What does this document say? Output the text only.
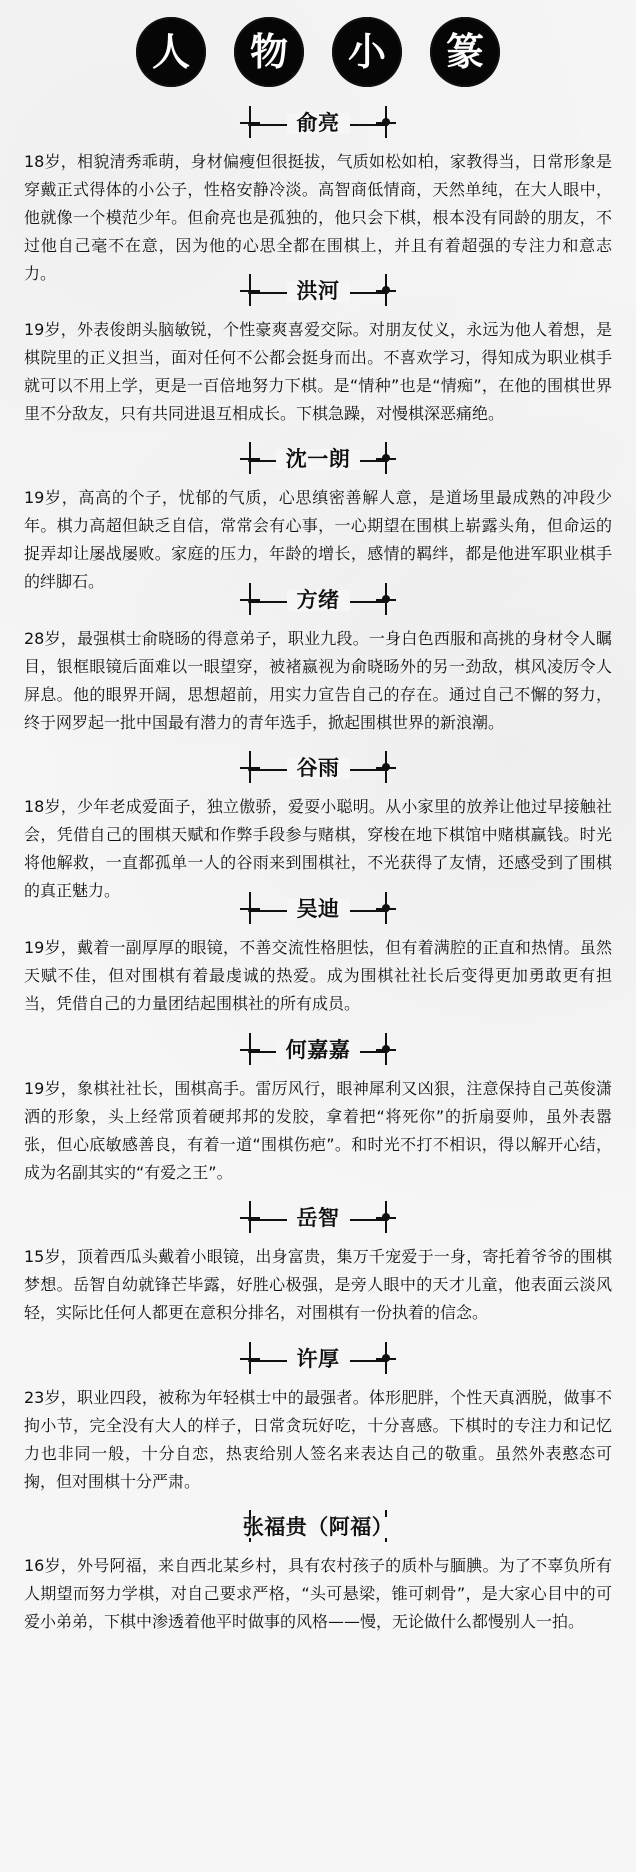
人	物	小	篆
俞亮
18岁，相貌清秀乖萌，身材偏瘦但很挺拔，气质如松如柏，家教得当，日常形象是穿戴正式得体的小公子，性格安静冷淡。高智商低情商，天然单纯，在大人眼中，他就像一个模范少年。但俞亮也是孤独的，他只会下棋，根本没有同龄的朋友，不过他自己毫不在意，因为他的心思全都在围棋上，并且有着超强的专注力和意志力。
洪河
19岁，外表俊朗头脑敏锐，个性豪爽喜爱交际。对朋友仗义，永远为他人着想，是棋院里的正义担当，面对任何不公都会挺身而出。不喜欢学习，得知成为职业棋手就可以不用上学，更是一百倍地努力下棋。是“情种”也是“情痴”，在他的围棋世界里不分敌友，只有共同进退互相成长。下棋急躁，对慢棋深恶痛绝。
沈一朗
19岁，高高的个子，忧郁的气质，心思缜密善解人意，是道场里最成熟的冲段少年。棋力高超但缺乏自信，常常会有心事，一心期望在围棋上崭露头角，但命运的捉弄却让屡战屡败。家庭的压力，年龄的增长，感情的羁绊，都是他进军职业棋手的绊脚石。
方绪
28岁，最强棋士俞晓旸的得意弟子，职业九段。一身白色西服和高挑的身材令人瞩目，银框眼镜后面难以一眼望穿，被褚嬴视为俞晓旸外的另一劲敌，棋风凌厉令人屏息。他的眼界开阔，思想超前，用实力宣告自己的存在。通过自己不懈的努力，终于网罗起一批中国最有潜力的青年选手，掀起围棋世界的新浪潮。
谷雨
18岁，少年老成爱面子，独立傲骄，爱耍小聪明。从小家里的放养让他过早接触社会，凭借自己的围棋天赋和作弊手段参与赌棋，穿梭在地下棋馆中赌棋赢钱。时光将他解救，一直都孤单一人的谷雨来到围棋社，不光获得了友情，还感受到了围棋的真正魅力。
吴迪
19岁，戴着一副厚厚的眼镜，不善交流性格胆怯，但有着满腔的正直和热情。虽然天赋不佳，但对围棋有着最虔诚的热爱。成为围棋社社长后变得更加勇敢更有担当，凭借自己的力量团结起围棋社的所有成员。
何嘉嘉
19岁，象棋社社长，围棋高手。雷厉风行，眼神犀利又凶狠，注意保持自己英俊潇洒的形象，头上经常顶着硬邦邦的发胶，拿着把“将死你”的折扇耍帅，虽外表嚣张，但心底敏感善良，有着一道“围棋伤疤”。和时光不打不相识，得以解开心结，成为名副其实的“有爱之王”。
岳智
15岁，顶着西瓜头戴着小眼镜，出身富贵，集万千宠爱于一身，寄托着爷爷的围棋梦想。岳智自幼就锋芒毕露，好胜心极强，是旁人眼中的天才儿童，他表面云淡风轻，实际比任何人都更在意积分排名，对围棋有一份执着的信念。
许厚
23岁，职业四段，被称为年轻棋士中的最强者。体形肥胖，个性天真洒脱，做事不拘小节，完全没有大人的样子，日常贪玩好吃，十分喜感。下棋时的专注力和记忆力也非同一般，十分自恋，热衷给别人签名来表达自己的敬重。虽然外表憨态可掬，但对围棋十分严肃。
张福贵（阿福）
16岁，外号阿福，来自西北某乡村，具有农村孩子的质朴与腼腆。为了不辜负所有人期望而努力学棋，对自己要求严格，“头可悬梁，锥可刺骨”，是大家心目中的可爱小弟弟，下棋中渗透着他平时做事的风格——慢，无论做什么都慢别人一拍。
